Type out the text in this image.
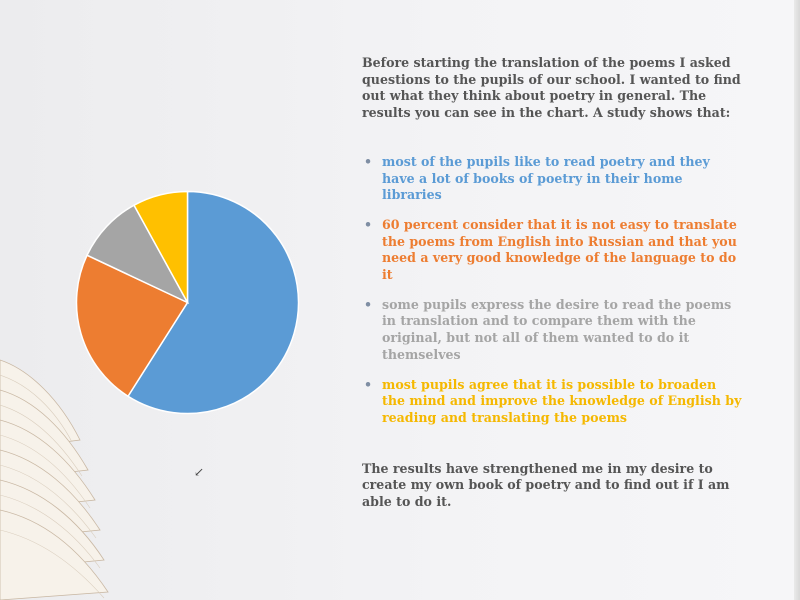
↙

Before starting the translation of the poems I asked questions to the pupils of our school. I wanted to find out what they think about poetry in general. The results you can see in the chart. A study shows that:

• most of the pupils like to read poetry and they have a lot of books of poetry in their home libraries
• 60 percent consider that it is not easy to translate the poems from English into Russian and that you need a very good knowledge of the language to do it
• some pupils express the desire to read the poems in translation and to compare them with the original, but not all of them wanted to do it themselves
• most pupils agree that it is possible to broaden the mind and improve the knowledge of English by reading and translating the poems

The results have strengthened me in my desire to create my own book of poetry and to find out if I am able to do it.
